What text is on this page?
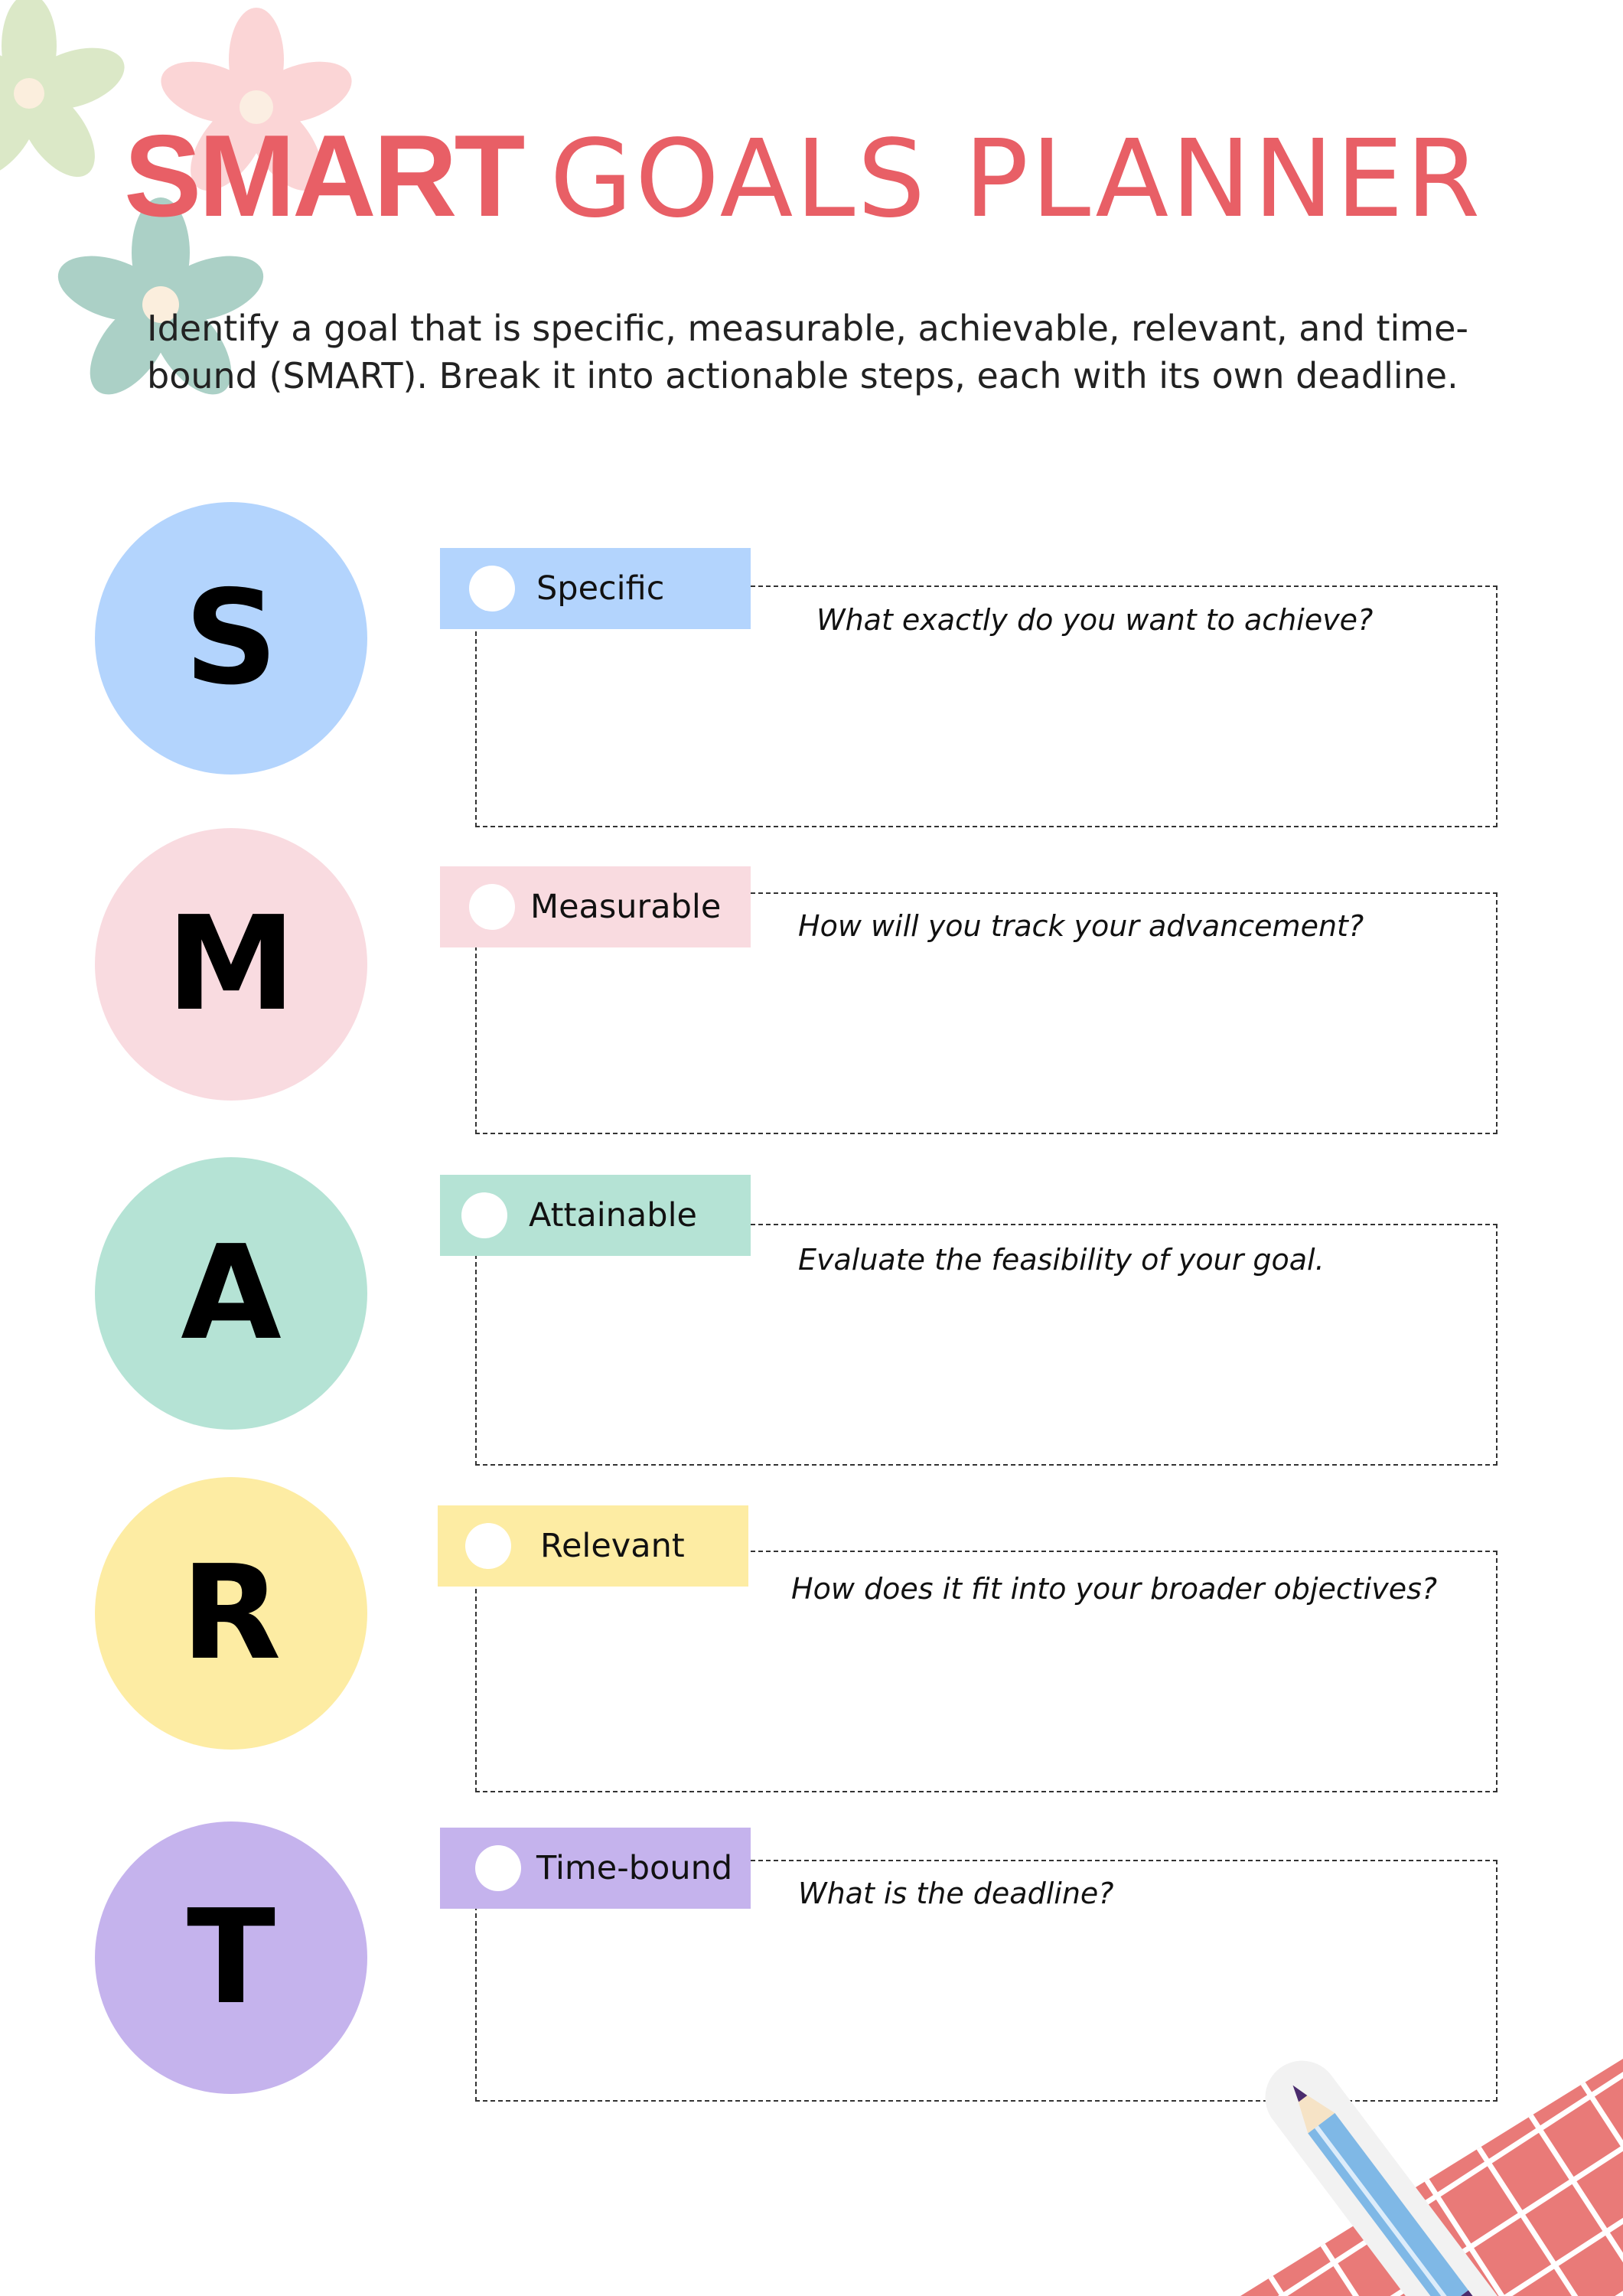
SMART GOALS PLANNER
Identify a goal that is specific, measurable, achievable, relevant, and time-bound (SMART). Break it into actionable steps, each with its own deadline.
S	Specific
What exactly do you want to achieve?
M	Measurable	How will you track your advancement?
A
Attainable
Evaluate the feasibility of your goal.
R	Relevant
How does it fit into your broader objectives?
T
Time-bound
What is the deadline?
